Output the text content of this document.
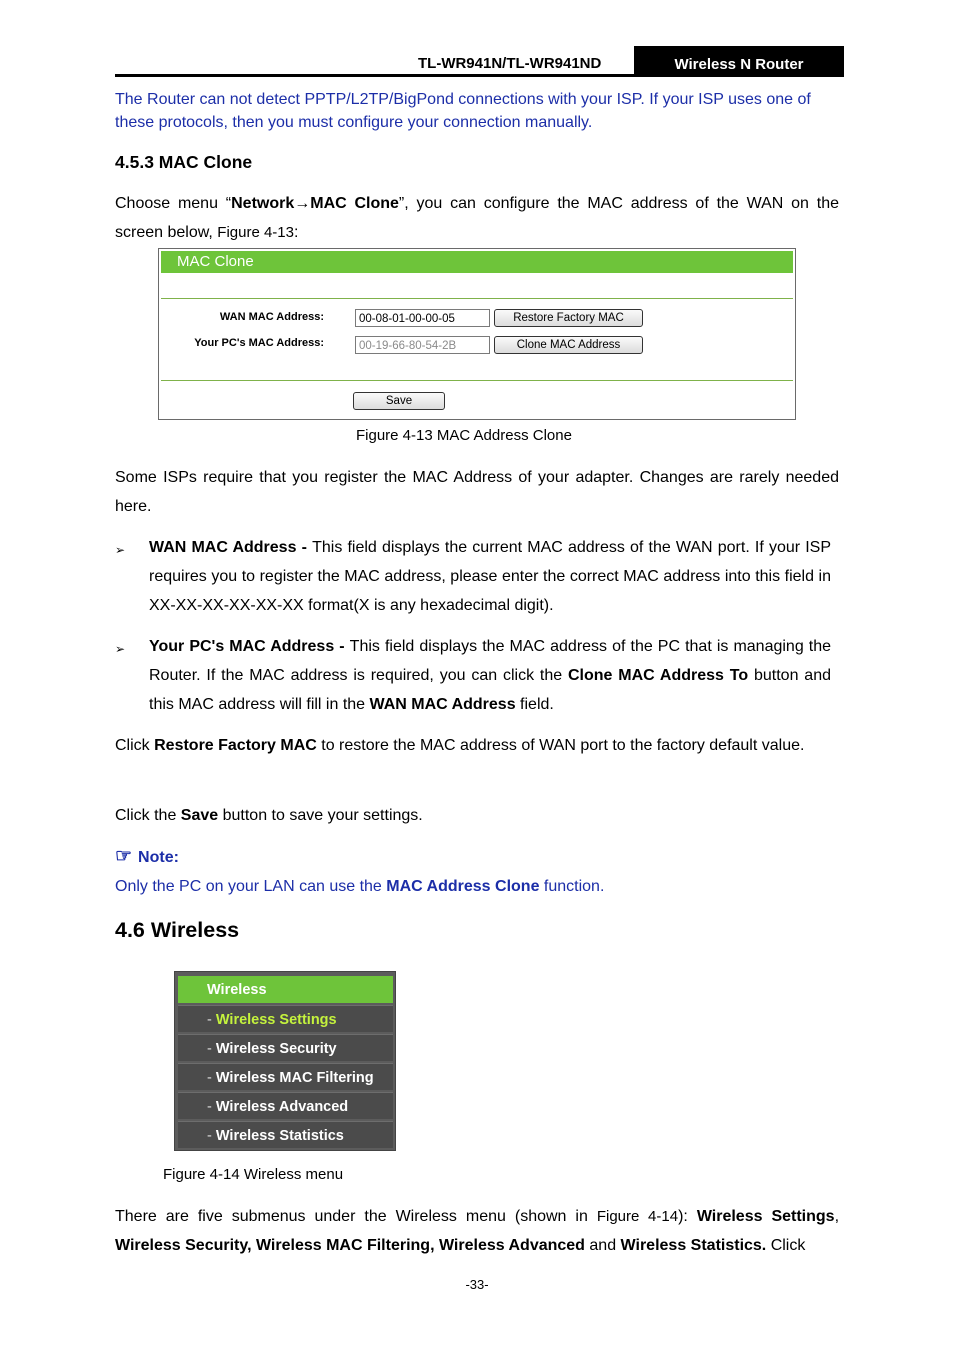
TL-WR941N/TL-WR941ND	Wireless N Router
The Router can not detect PPTP/L2TP/BigPond connections with your ISP. If your ISP uses one of these protocols, then you must configure your connection manually.
4.5.3 MAC Clone
Choose menu “Network→MAC Clone”, you can configure the MAC address of the WAN on the screen below, Figure 4-13:
MAC Clone
WAN MAC Address:	00-08-01-00-00-05	Restore Factory MAC
Your PC's MAC Address:	00-19-66-80-54-2B	Clone MAC Address
Save
Figure 4-13 MAC Address Clone
Some ISPs require that you register the MAC Address of your adapter. Changes are rarely needed here.
➢ WAN MAC Address - This field displays the current MAC address of the WAN port. If your ISP requires you to register the MAC address, please enter the correct MAC address into this field in XX-XX-XX-XX-XX-XX format(X is any hexadecimal digit).
➢ Your PC's MAC Address - This field displays the MAC address of the PC that is managing the Router. If the MAC address is required, you can click the Clone MAC Address To button and this MAC address will fill in the WAN MAC Address field.
Click Restore Factory MAC to restore the MAC address of WAN port to the factory default value.
Click the Save button to save your settings.
☞ Note:
Only the PC on your LAN can use the MAC Address Clone function.
4.6 Wireless
Wireless
- Wireless Settings
- Wireless Security
- Wireless MAC Filtering
- Wireless Advanced
- Wireless Statistics
Figure 4-14 Wireless menu
There are five submenus under the Wireless menu (shown in Figure 4-14): Wireless Settings, Wireless Security, Wireless MAC Filtering, Wireless Advanced and Wireless Statistics. Click
-33-
